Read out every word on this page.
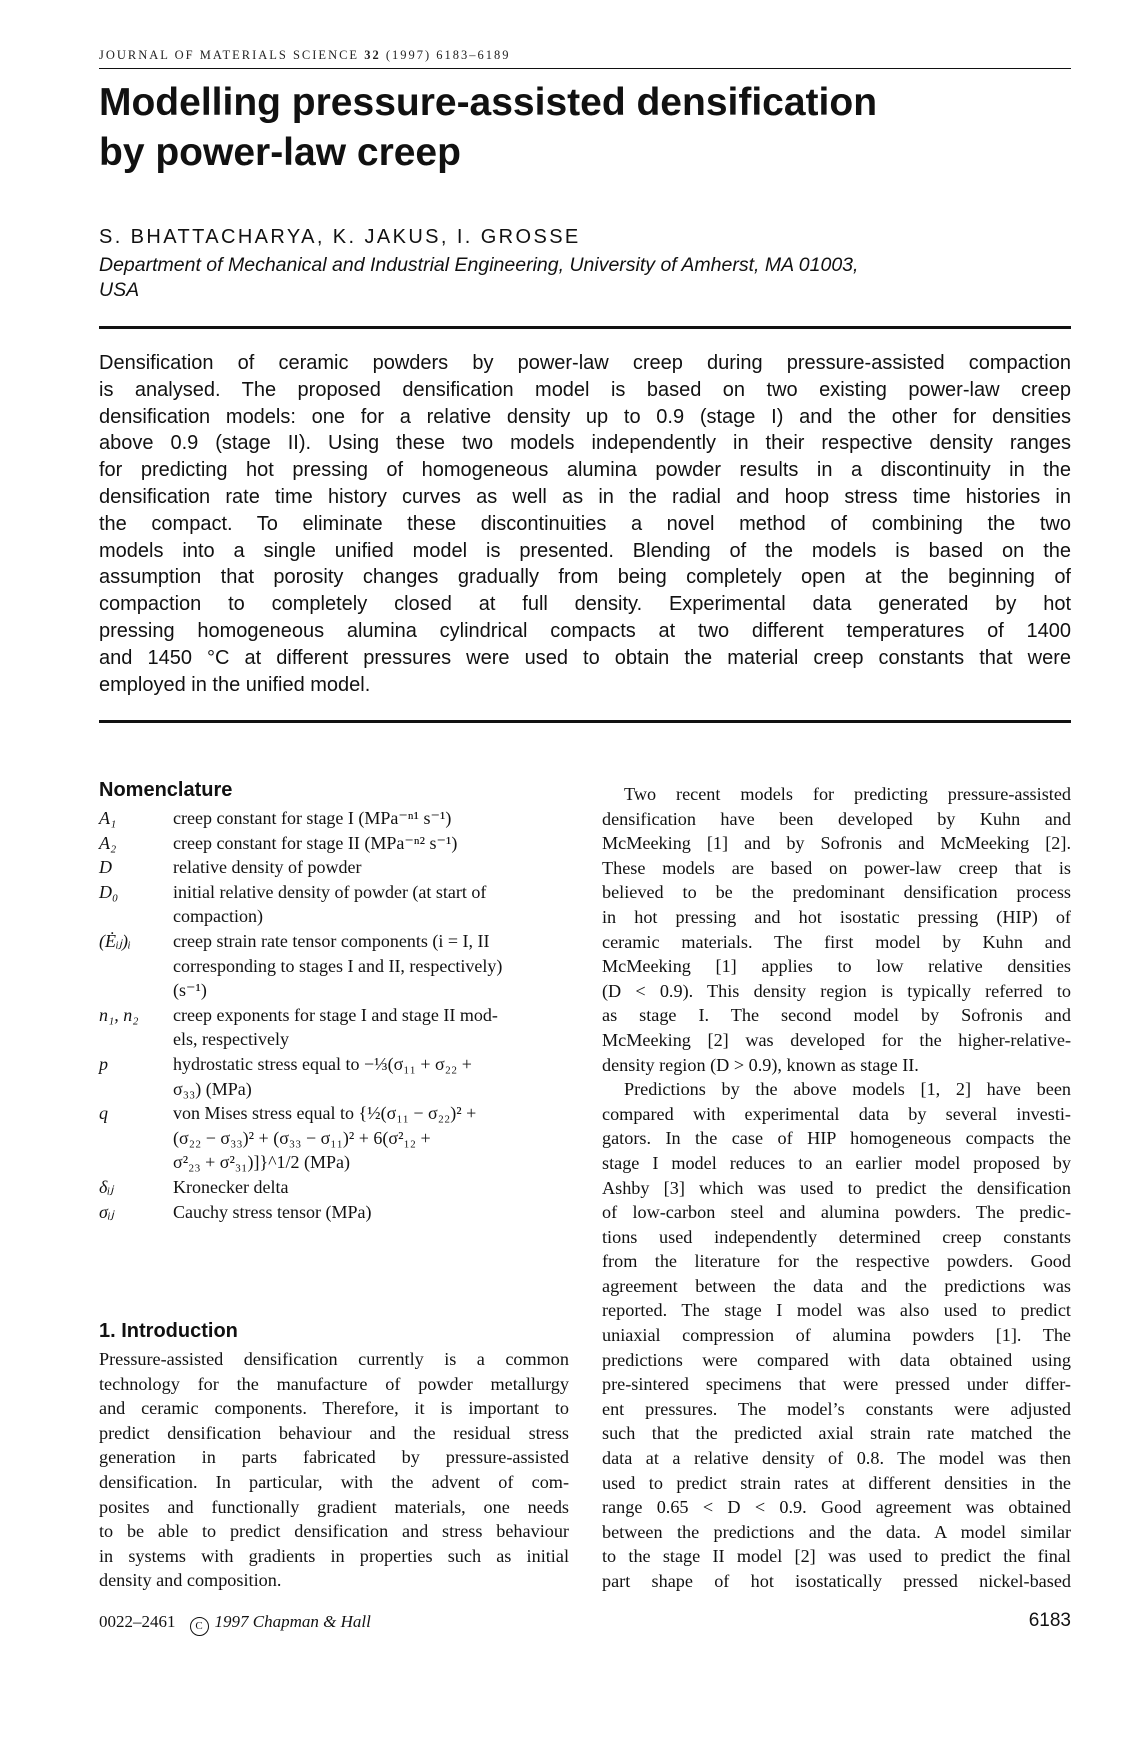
JOURNAL OF MATERIALS SCIENCE 32 (1997) 6183–6189
Modelling pressure-assisted densification
by power-law creep
S. BHATTACHARYA, K. JAKUS, I. GROSSE
Department of Mechanical and Industrial Engineering, University of Amherst, MA 01003,
USA
Densification of ceramic powders by power-law creep during pressure-assisted compaction
is analysed. The proposed densification model is based on two existing power-law creep
densification models: one for a relative density up to 0.9 (stage I) and the other for densities
above 0.9 (stage II). Using these two models independently in their respective density ranges
for predicting hot pressing of homogeneous alumina powder results in a discontinuity in the
densification rate time history curves as well as in the radial and hoop stress time histories in
the compact. To eliminate these discontinuities a novel method of combining the two
models into a single unified model is presented. Blending of the models is based on the
assumption that porosity changes gradually from being completely open at the beginning of
compaction to completely closed at full density. Experimental data generated by hot
pressing homogeneous alumina cylindrical compacts at two different temperatures of 1400
and 1450 °C at different pressures were used to obtain the material creep constants that were
employed in the unified model.
Nomenclature
A₁	creep constant for stage I (MPa⁻ⁿ¹ s⁻¹)
A₂	creep constant for stage II (MPa⁻ⁿ² s⁻¹)
D	relative density of powder
D₀	initial relative density of powder (at start of
compaction)
(Ėᵢⱼ)ᵢ	creep strain rate tensor components (i = I, II
corresponding to stages I and II, respectively)
(s⁻¹)
n₁, n₂	creep exponents for stage I and stage II mod-
els, respectively
p	hydrostatic stress equal to −⅓(σ₁₁ + σ₂₂ +
σ₃₃) (MPa)
q	von Mises stress equal to {½(σ₁₁ − σ₂₂)² +
(σ₂₂ − σ₃₃)² + (σ₃₃ − σ₁₁)² + 6(σ²₁₂ +
σ²₂₃ + σ²₃₁)]}^1/2 (MPa)
δᵢⱼ	Kronecker delta
σᵢⱼ	Cauchy stress tensor (MPa)
1. Introduction
Pressure-assisted densification currently is a common
technology for the manufacture of powder metallurgy
and ceramic components. Therefore, it is important to
predict densification behaviour and the residual stress
generation in parts fabricated by pressure-assisted
densification. In particular, with the advent of com-
posites and functionally gradient materials, one needs
to be able to predict densification and stress behaviour
in systems with gradients in properties such as initial
density and composition.
Two recent models for predicting pressure-assisted
densification have been developed by Kuhn and
McMeeking [1] and by Sofronis and McMeeking [2].
These models are based on power-law creep that is
believed to be the predominant densification process
in hot pressing and hot isostatic pressing (HIP) of
ceramic materials. The first model by Kuhn and
McMeeking [1] applies to low relative densities
(D < 0.9). This density region is typically referred to
as stage I. The second model by Sofronis and
McMeeking [2] was developed for the higher-relative-
density region (D > 0.9), known as stage II.
Predictions by the above models [1, 2] have been
compared with experimental data by several investi-
gators. In the case of HIP homogeneous compacts the
stage I model reduces to an earlier model proposed by
Ashby [3] which was used to predict the densification
of low-carbon steel and alumina powders. The predic-
tions used independently determined creep constants
from the literature for the respective powders. Good
agreement between the data and the predictions was
reported. The stage I model was also used to predict
uniaxial compression of alumina powders [1]. The
predictions were compared with data obtained using
pre-sintered specimens that were pressed under differ-
ent pressures. The model’s constants were adjusted
such that the predicted axial strain rate matched the
data at a relative density of 0.8. The model was then
used to predict strain rates at different densities in the
range 0.65 < D < 0.9. Good agreement was obtained
between the predictions and the data. A model similar
to the stage II model [2] was used to predict the final
part shape of hot isostatically pressed nickel-based
0022–2461 C 1997 Chapman & Hall	6183
